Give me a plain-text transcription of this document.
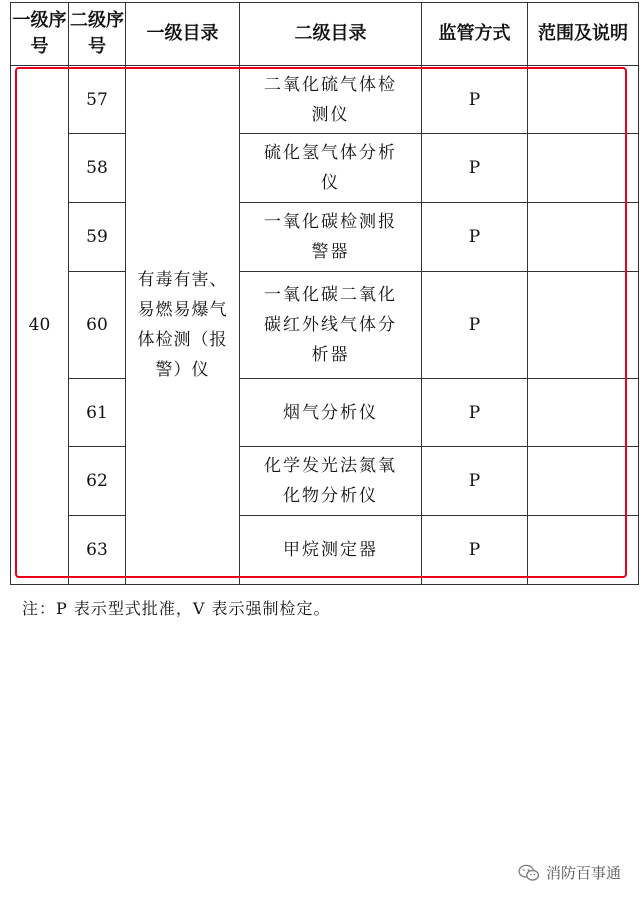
一级序号	二级序号	一级目录	二级目录	监管方式	范围及说明
40	57	有毒有害、易燃易爆气体检测（报警）仪	二氧化硫气体检测仪	P	
	58		硫化氢气体分析仪	P	
	59		一氧化碳检测报警器	P	
	60		一氧化碳二氧化碳红外线气体分析器	P	
	61		烟气分析仪	P	
	62		化学发光法氮氧化物分析仪	P	
	63		甲烷测定器	P	
注：P 表示型式批准，V 表示强制检定。
消防百事通
